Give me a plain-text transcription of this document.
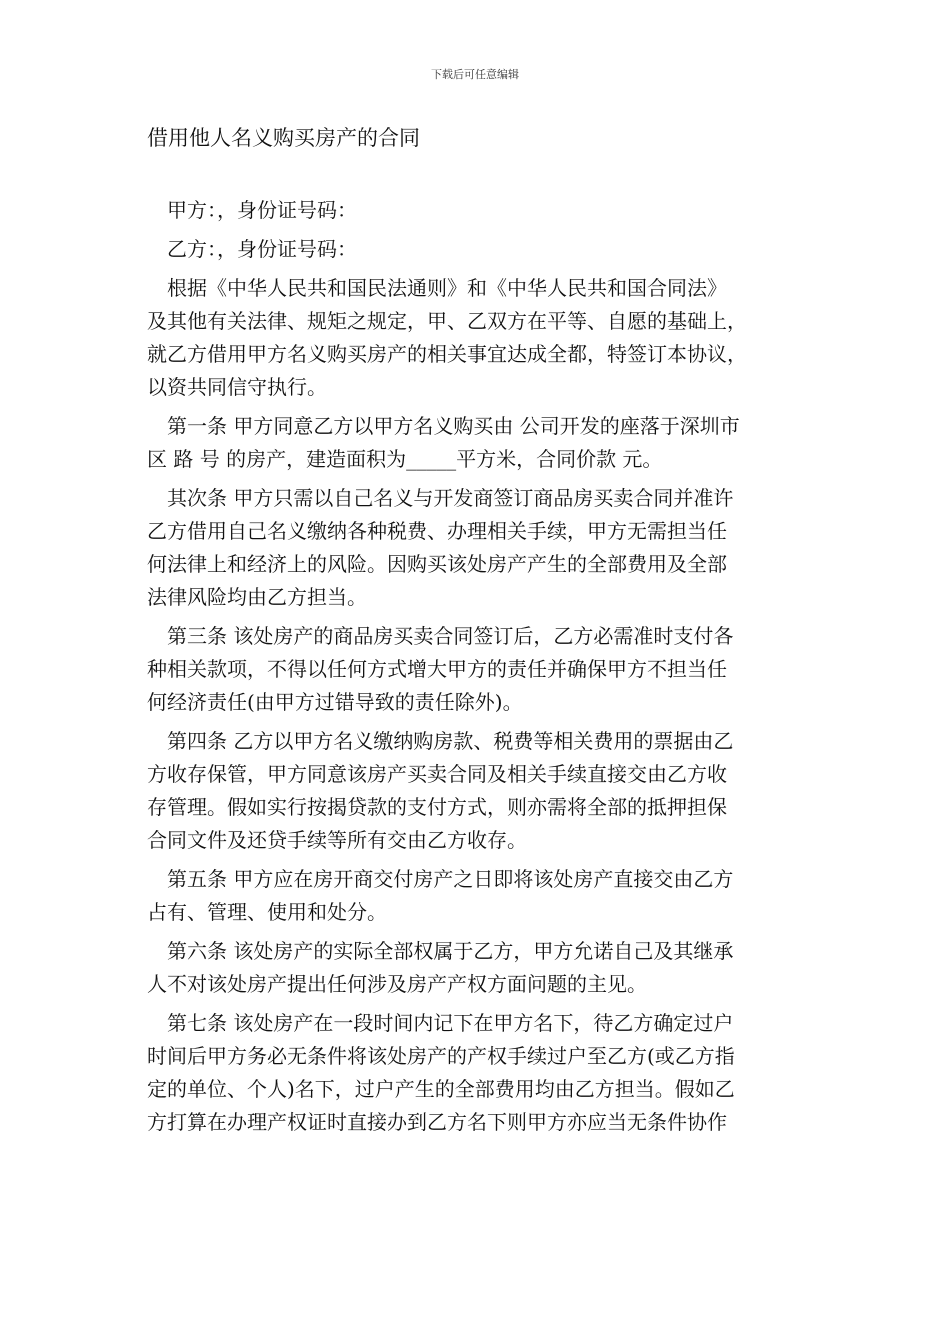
下载后可任意编辑
借用他人名义购买房产的合同
甲方：，身份证号码：
乙方：，身份证号码：
根据《中华人民共和国民法通则》和《中华人民共和国合同法》
及其他有关法律、规矩之规定，甲、乙双方在平等、自愿的基础上，
就乙方借用甲方名义购买房产的相关事宜达成全都，特签订本协议，
以资共同信守执行。
第一条 甲方同意乙方以甲方名义购买由 公司开发的座落于深圳市
区 路 号 的房产，建造面积为_____平方米，合同价款 元。
其次条 甲方只需以自己名义与开发商签订商品房买卖合同并准许
乙方借用自己名义缴纳各种税费、办理相关手续，甲方无需担当任
何法律上和经济上的风险。因购买该处房产产生的全部费用及全部
法律风险均由乙方担当。
第三条 该处房产的商品房买卖合同签订后，乙方必需准时支付各
种相关款项，不得以任何方式增大甲方的责任并确保甲方不担当任
何经济责任(由甲方过错导致的责任除外)。
第四条 乙方以甲方名义缴纳购房款、税费等相关费用的票据由乙
方收存保管，甲方同意该房产买卖合同及相关手续直接交由乙方收
存管理。假如实行按揭贷款的支付方式，则亦需将全部的抵押担保
合同文件及还贷手续等所有交由乙方收存。
第五条 甲方应在房开商交付房产之日即将该处房产直接交由乙方
占有、管理、使用和处分。
第六条 该处房产的实际全部权属于乙方，甲方允诺自己及其继承
人不对该处房产提出任何涉及房产产权方面问题的主见。
第七条 该处房产在一段时间内记下在甲方名下，待乙方确定过户
时间后甲方务必无条件将该处房产的产权手续过户至乙方(或乙方指
定的单位、个人)名下，过户产生的全部费用均由乙方担当。假如乙
方打算在办理产权证时直接办到乙方名下则甲方亦应当无条件协作
